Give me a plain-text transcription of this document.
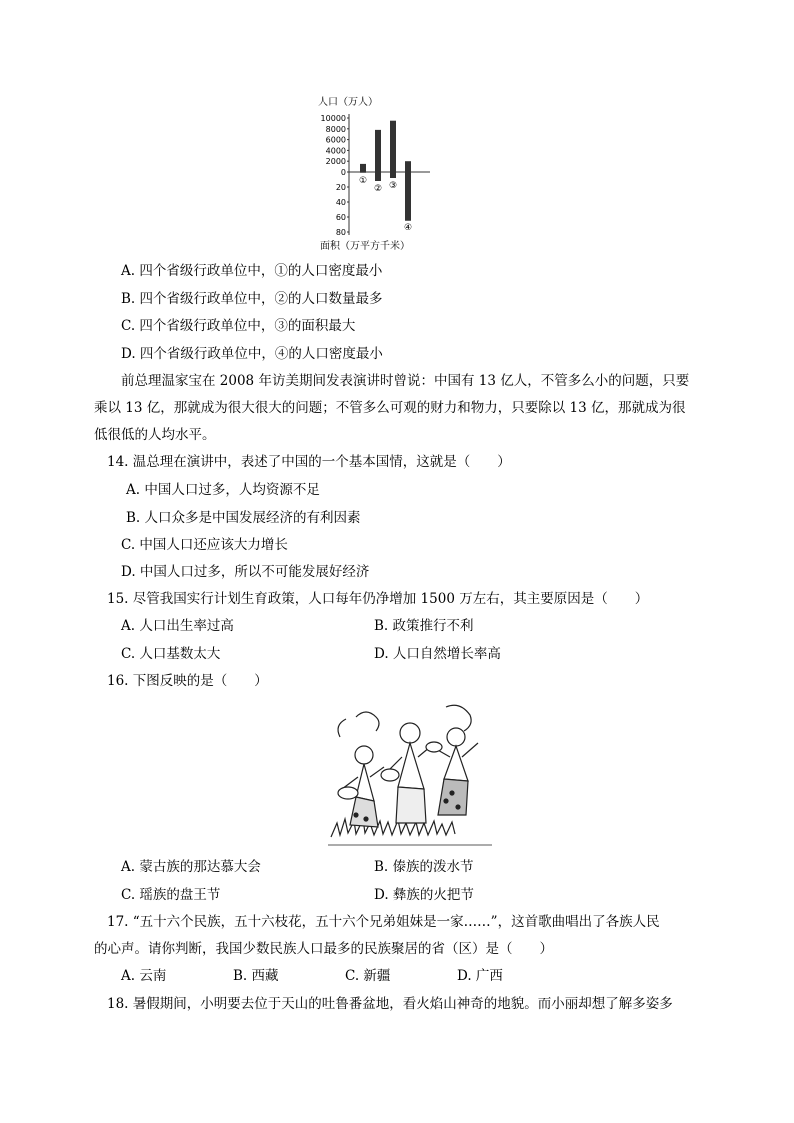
人口（万人）
面积（万平方千米）
10000
8000
6000
4000
2000
0
20
40
60
80
①
② ③
④
A. 四个省级行政单位中，①的人口密度最小
B. 四个省级行政单位中，②的人口数量最多
C. 四个省级行政单位中，③的面积最大
D. 四个省级行政单位中，④的人口密度最小
前总理温家宝在 2008 年访美期间发表演讲时曾说：中国有 13 亿人，不管多么小的问题，只要
乘以 13 亿，那就成为很大很大的问题；不管多么可观的财力和物力，只要除以 13 亿，那就成为很
低很低的人均水平。
14. 温总理在演讲中，表述了中国的一个基本国情，这就是（　　）
A. 中国人口过多，人均资源不足
B. 人口众多是中国发展经济的有利因素
C. 中国人口还应该大力增长
D. 中国人口过多，所以不可能发展好经济
15. 尽管我国实行计划生育政策，人口每年仍净增加 1500 万左右，其主要原因是（　　）
A. 人口出生率过高	B. 政策推行不利
C. 人口基数太大	D. 人口自然增长率高
16. 下图反映的是（　　）
A. 蒙古族的那达慕大会	B. 傣族的泼水节
C. 瑶族的盘王节	D. 彝族的火把节
17. “五十六个民族，五十六枝花，五十六个兄弟姐妹是一家……”，这首歌曲唱出了各族人民
的心声。请你判断，我国少数民族人口最多的民族聚居的省（区）是（　　）
A. 云南	B. 西藏	C. 新疆	D. 广西
18. 暑假期间，小明要去位于天山的吐鲁番盆地，看火焰山神奇的地貌。而小丽却想了解多姿多
